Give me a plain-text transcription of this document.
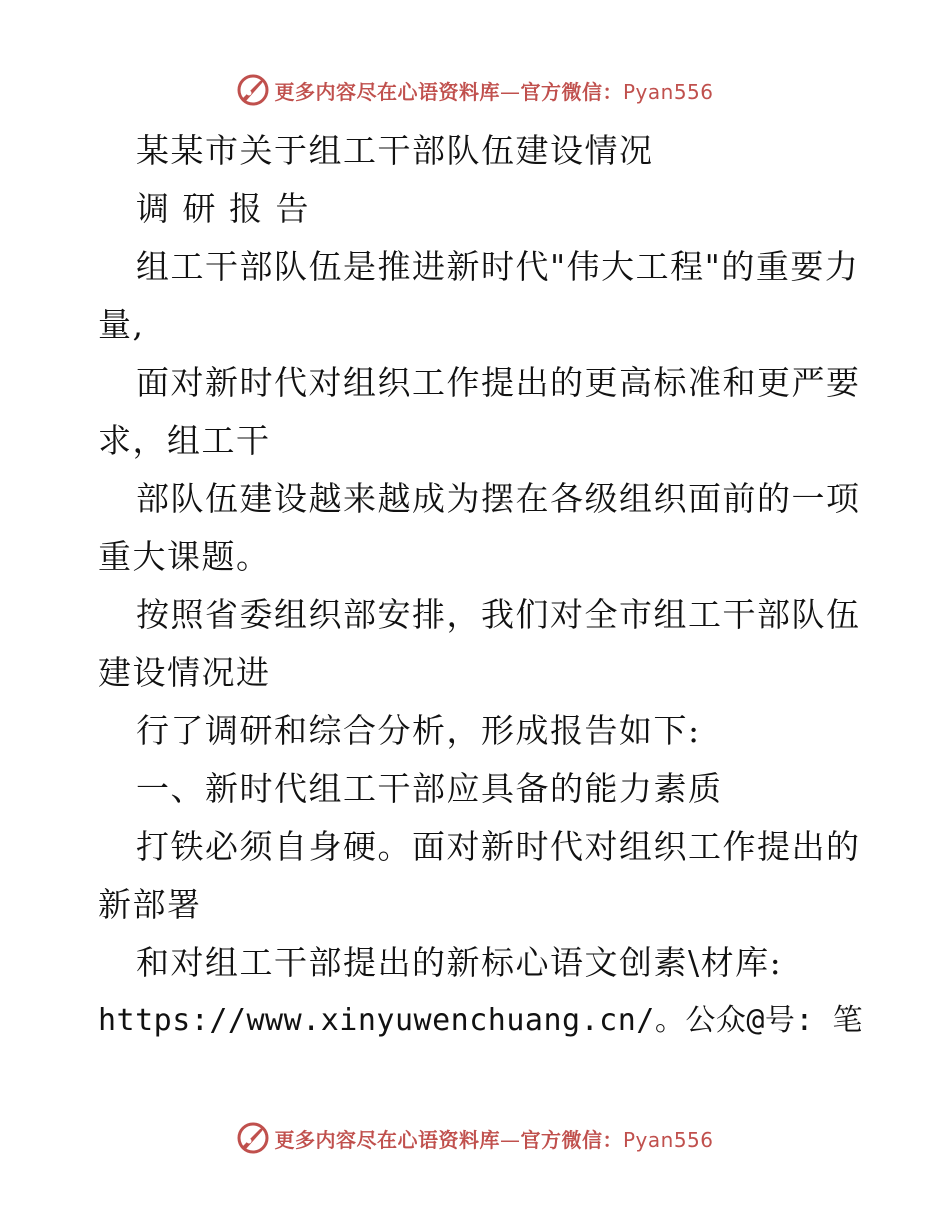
更多内容尽在心语资料库—官方微信：Pyan556
某某市关于组工干部队伍建设情况
调 研 报 告
组工干部队伍是推进新时代"伟大工程"的重要力
量,
面对新时代对组织工作提出的更高标准和更严要
求，组工干
部队伍建设越来越成为摆在各级组织面前的一项
重大课题。
按照省委组织部安排，我们对全市组工干部队伍
建设情况进
行了调研和综合分析，形成报告如下:
一、新时代组工干部应具备的能力素质
打铁必须自身硬。面对新时代对组织工作提出的
新部署
和对组工干部提出的新标心语文创素\材库:
https://www.xinyuwenchuang.cn/。公众@号: 笔
更多内容尽在心语资料库—官方微信：Pyan556
